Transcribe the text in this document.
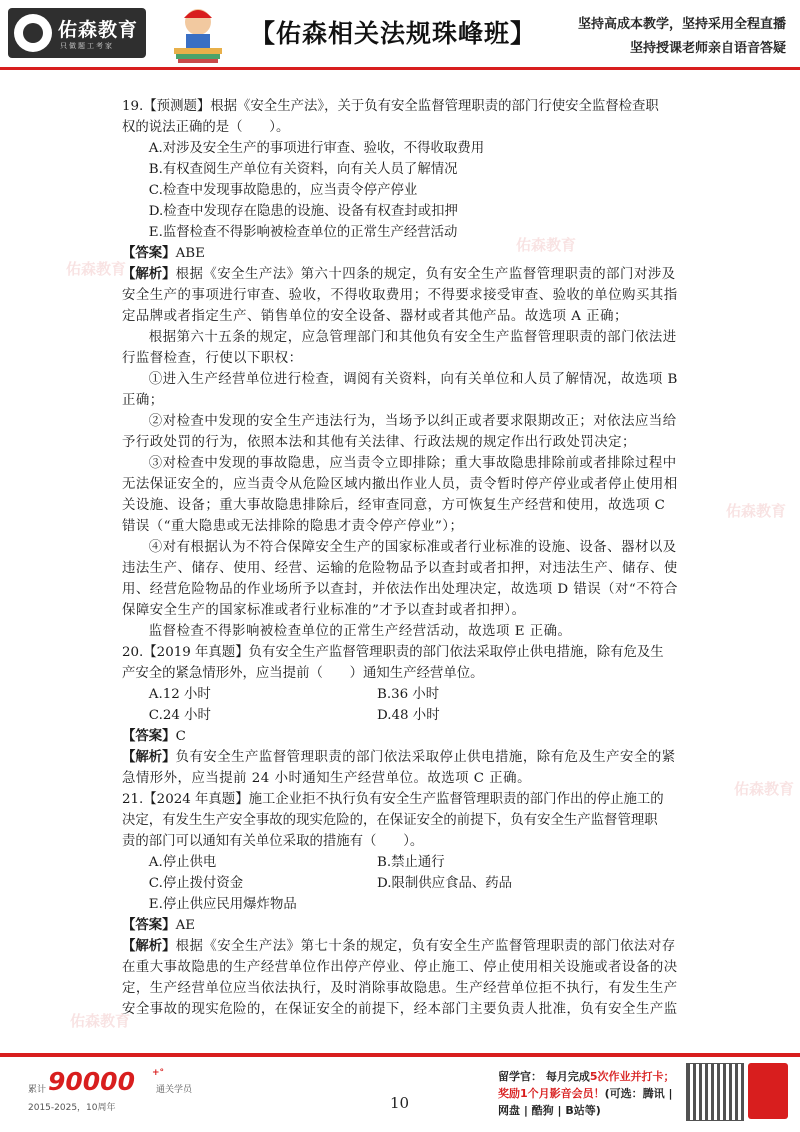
佑森教育
只做题工考家	【佑森相关法规珠峰班】	坚持高成本教学，坚持采用全程直播
坚持授课老师亲自语音答疑
佑森教育
佑森教育
佑森教育
佑森教育
佑森教育
19.【预测题】根据《安全生产法》，关于负有安全监督管理职责的部门行使安全监督检查职
权的说法正确的是（　　）。
A.对涉及安全生产的事项进行审查、验收，不得收取费用
B.有权查阅生产单位有关资料，向有关人员了解情况
C.检查中发现事故隐患的，应当责令停产停业
D.检查中发现存在隐患的设施、设备有权查封或扣押
E.监督检查不得影响被检查单位的正常生产经营活动
【答案】ABE
【解析】根据《安全生产法》第六十四条的规定，负有安全生产监督管理职责的部门对涉及
安全生产的事项进行审查、验收，不得收取费用；不得要求接受审查、验收的单位购买其指
定品牌或者指定生产、销售单位的安全设备、器材或者其他产品。故选项 A 正确；
根据第六十五条的规定，应急管理部门和其他负有安全生产监督管理职责的部门依法进
行监督检查，行使以下职权：
①进入生产经营单位进行检查，调阅有关资料，向有关单位和人员了解情况，故选项 B
正确；
②对检查中发现的安全生产违法行为，当场予以纠正或者要求限期改正；对依法应当给
予行政处罚的行为，依照本法和其他有关法律、行政法规的规定作出行政处罚决定；
③对检查中发现的事故隐患，应当责令立即排除；重大事故隐患排除前或者排除过程中
无法保证安全的，应当责令从危险区域内撤出作业人员，责令暂时停产停业或者停止使用相
关设施、设备；重大事故隐患排除后，经审查同意，方可恢复生产经营和使用，故选项 C
错误（“重大隐患或无法排除的隐患才责令停产停业”）；
④对有根据认为不符合保障安全生产的国家标准或者行业标准的设施、设备、器材以及
违法生产、储存、使用、经营、运输的危险物品予以查封或者扣押，对违法生产、储存、使
用、经营危险物品的作业场所予以查封，并依法作出处理决定，故选项 D 错误（对“不符合
保障安全生产的国家标准或者行业标准的”才予以查封或者扣押）。
监督检查不得影响被检查单位的正常生产经营活动，故选项 E 正确。
20.【2019 年真题】负有安全生产监督管理职责的部门依法采取停止供电措施，除有危及生
产安全的紧急情形外，应当提前（　　）通知生产经营单位。
A.12 小时	B.36 小时
C.24 小时	D.48 小时
【答案】C
【解析】负有安全生产监督管理职责的部门依法采取停止供电措施，除有危及生产安全的紧
急情形外，应当提前 24 小时通知生产经营单位。故选项 C 正确。
21.【2024 年真题】施工企业拒不执行负有安全生产监督管理职责的部门作出的停止施工的
决定，有发生生产安全事故的现实危险的，在保证安全的前提下，负有安全生产监督管理职
责的部门可以通知有关单位采取的措施有（　　）。
A.停止供电	B.禁止通行
C.停止拨付资金	D.限制供应食品、药品
E.停止供应民用爆炸物品
【答案】AE
【解析】根据《安全生产法》第七十条的规定，负有安全生产监督管理职责的部门依法对存
在重大事故隐患的生产经营单位作出停产停业、停止施工、停止使用相关设施或者设备的决
定，生产经营单位应当依法执行，及时消除事故隐患。生产经营单位拒不执行，有发生生产
安全事故的现实危险的，在保证安全的前提下，经本部门主要负责人批准，负有安全生产监
累计 90000 +°
通关学员
2015-2025，10周年	10
留学官： 每月完成5次作业并打卡；
奖励1个月影音会员！(可选：腾讯 |
网盘 | 酷狗 | B站等)
